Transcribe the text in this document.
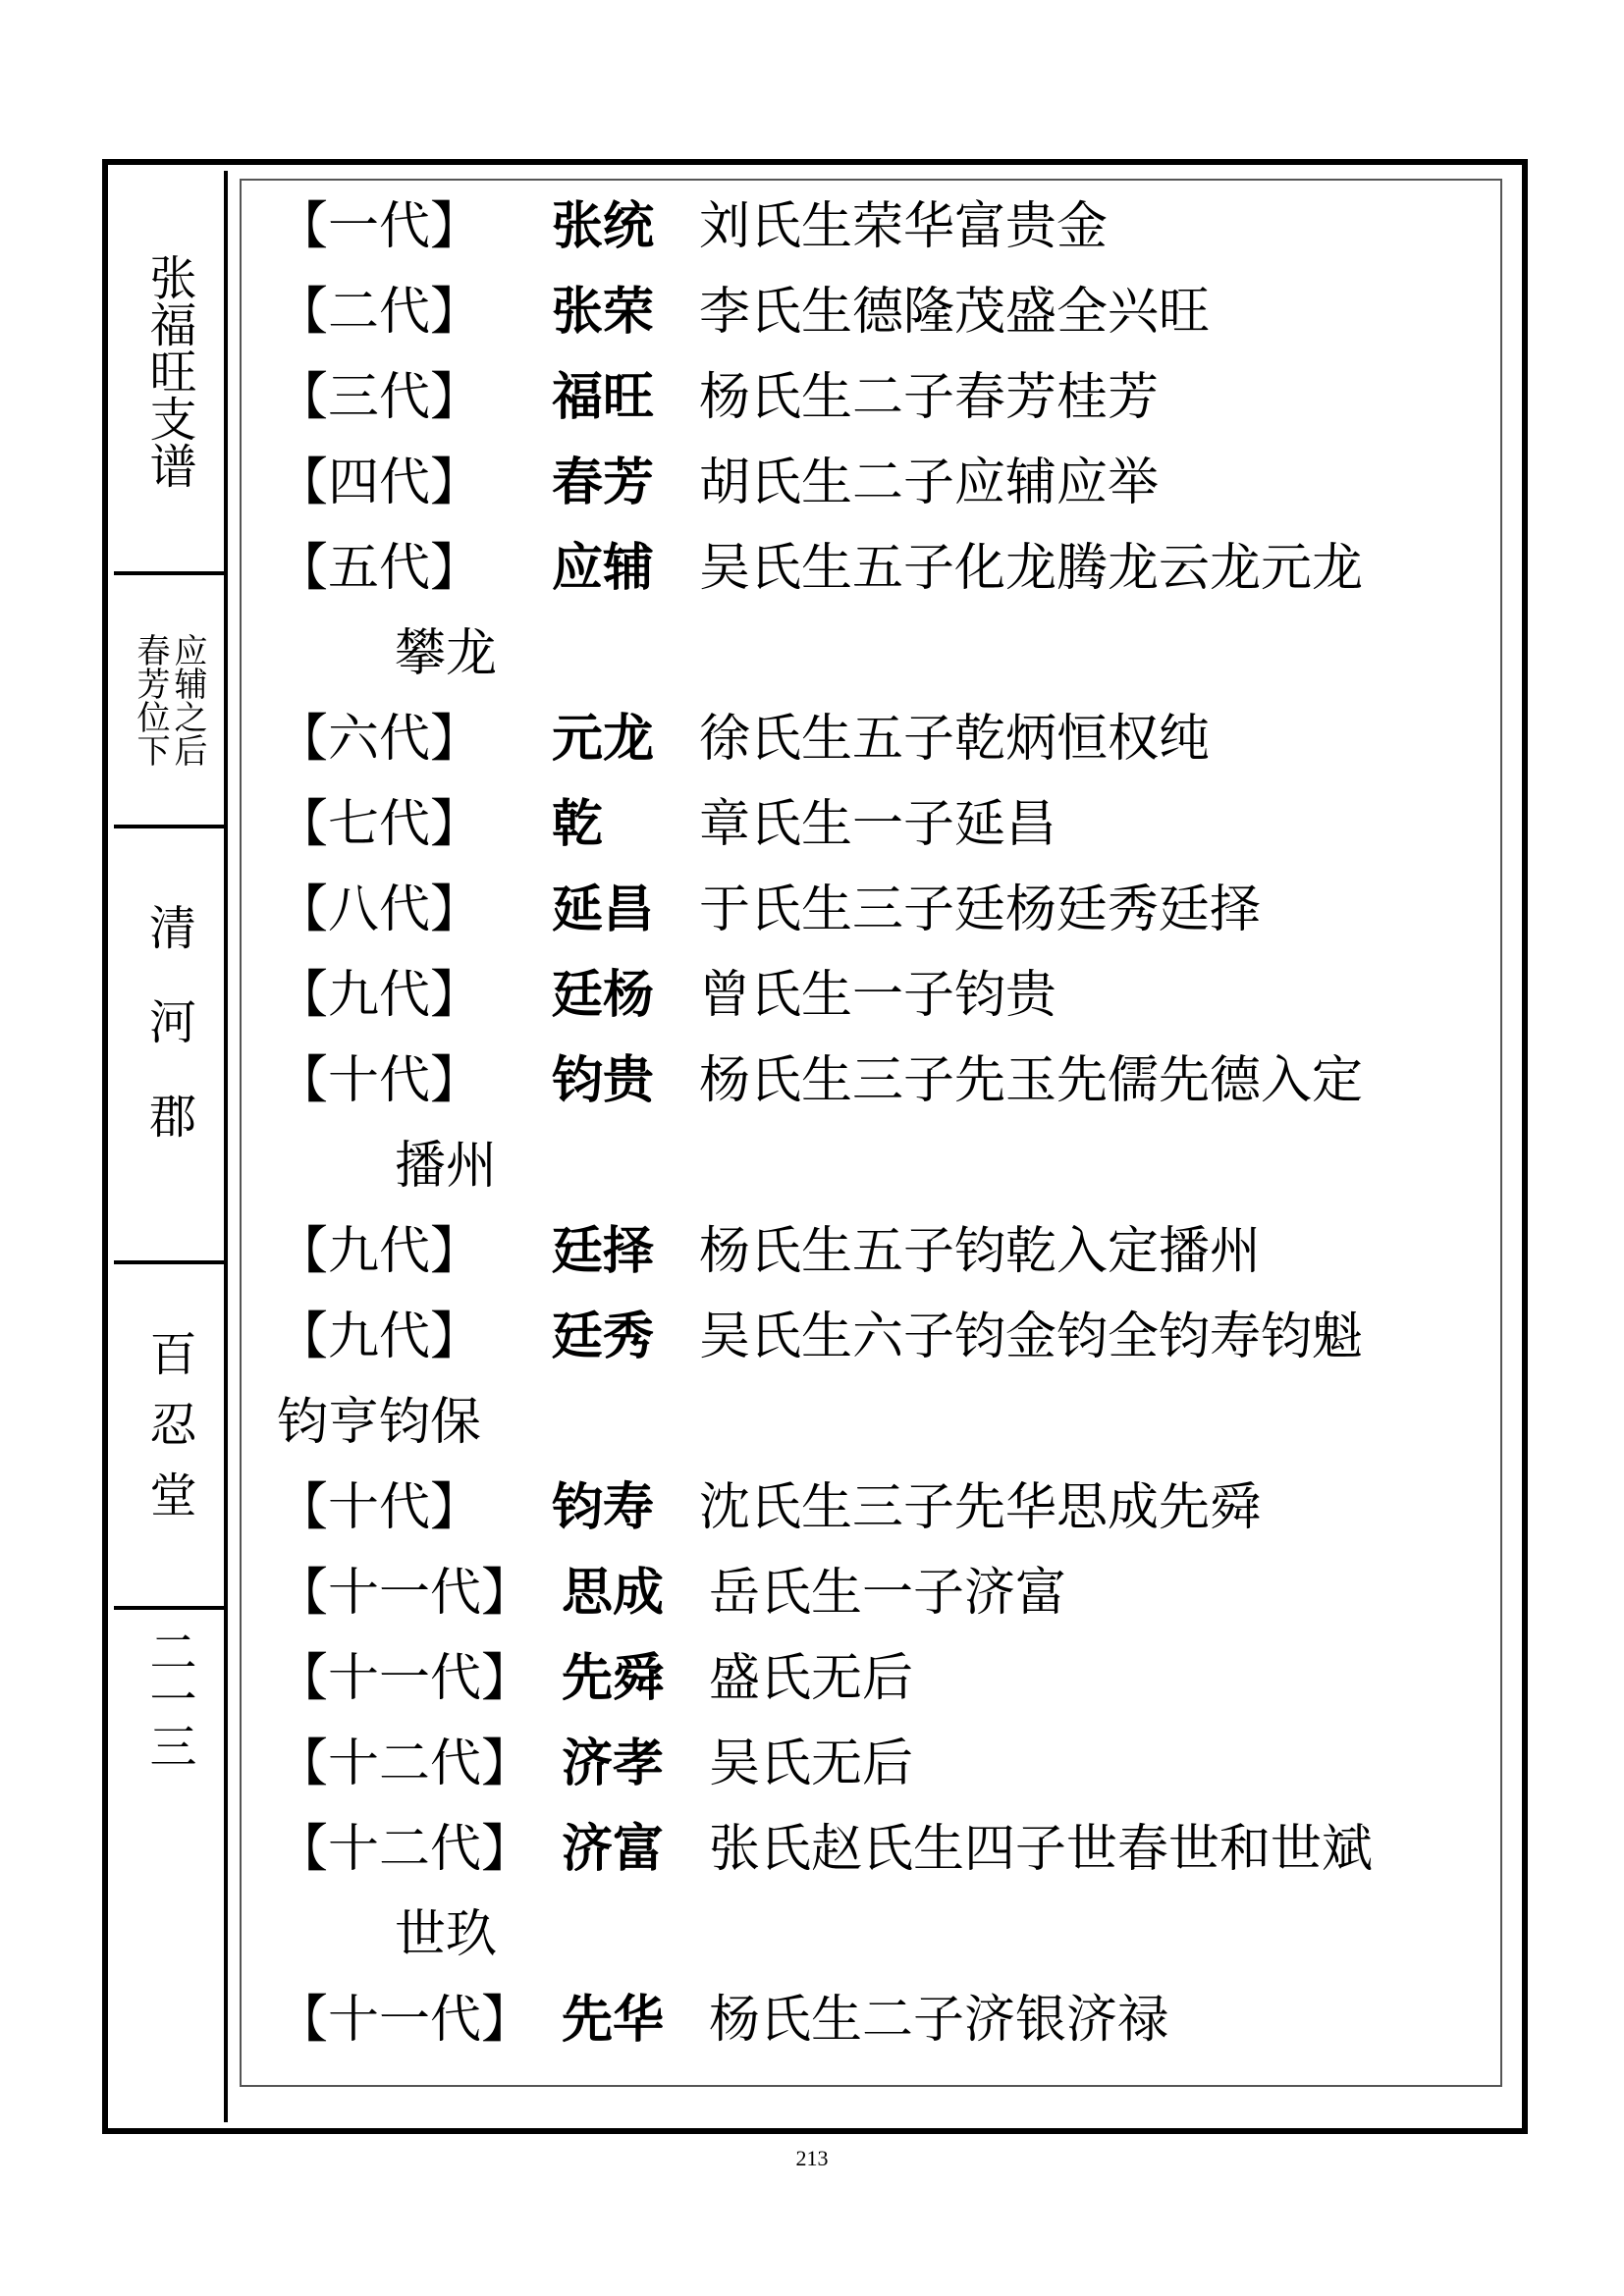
张福旺支谱
春芳位下
应辅之后
清河郡
百忍堂
二一三
【一代】 张统 刘氏生荣华富贵金
【二代】 张荣 李氏生德隆茂盛全兴旺
【三代】 福旺 杨氏生二子春芳桂芳
【四代】 春芳 胡氏生二子应辅应举
【五代】 应辅 吴氏生五子化龙腾龙云龙元龙
攀龙
【六代】 元龙 徐氏生五子乾炳恒权纯
【七代】 乾 章氏生一子延昌
【八代】 延昌 于氏生三子廷杨廷秀廷择
【九代】 廷杨 曾氏生一子钧贵
【十代】 钧贵 杨氏生三子先玉先儒先德入定
播州
【九代】 廷择 杨氏生五子钧乾入定播州
【九代】 廷秀 吴氏生六子钧金钧全钧寿钧魁
钧亨钧保
【十代】 钧寿 沈氏生三子先华思成先舜
【十一代】 思成 岳氏生一子济富
【十一代】 先舜 盛氏无后
【十二代】 济孝 吴氏无后
【十二代】 济富 张氏赵氏生四子世春世和世斌
世玖
【十一代】 先华 杨氏生二子济银济禄
213
